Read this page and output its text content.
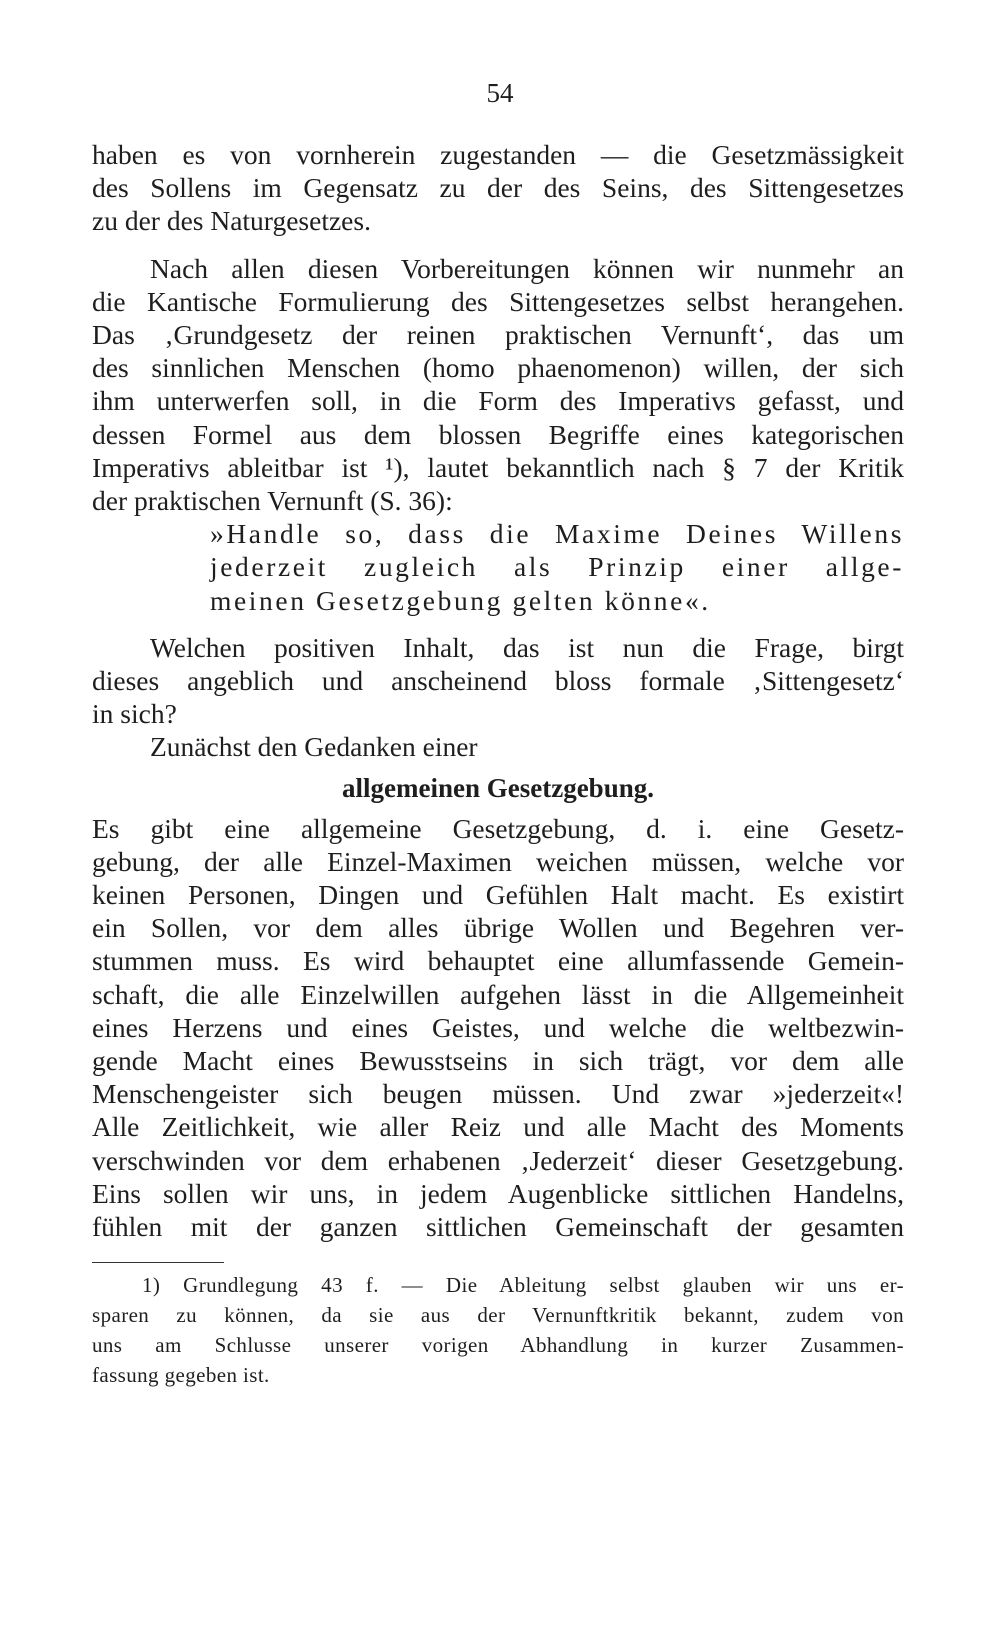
54
haben es von vornherein zugestanden — die Gesetzmässigkeit
des Sollens im Gegensatz zu der des Seins, des Sittengesetzes
zu der des Naturgesetzes.
Nach allen diesen Vorbereitungen können wir nunmehr an
die Kantische Formulierung des Sittengesetzes selbst herangehen.
Das ‚Grundgesetz der reinen praktischen Vernunft‘, das um
des sinnlichen Menschen (homo phaenomenon) willen, der sich
ihm unterwerfen soll, in die Form des Imperativs gefasst, und
dessen Formel aus dem blossen Begriffe eines kategorischen
Imperativs ableitbar ist ¹), lautet bekanntlich nach § 7 der Kritik
der praktischen Vernunft (S. 36):
»Handle so, dass die Maxime Deines Willens
jederzeit zugleich als Prinzip einer allge-
meinen Gesetzgebung gelten könne«.
Welchen positiven Inhalt, das ist nun die Frage, birgt
dieses angeblich und anscheinend bloss formale ‚Sittengesetz‘
in sich?
Zunächst den Gedanken einer
allgemeinen Gesetzgebung.
Es gibt eine allgemeine Gesetzgebung, d. i. eine Gesetz-
gebung, der alle Einzel-Maximen weichen müssen, welche vor
keinen Personen, Dingen und Gefühlen Halt macht. Es existirt
ein Sollen, vor dem alles übrige Wollen und Begehren ver-
stummen muss. Es wird behauptet eine allumfassende Gemein-
schaft, die alle Einzelwillen aufgehen lässt in die Allgemeinheit
eines Herzens und eines Geistes, und welche die weltbezwin-
gende Macht eines Bewusstseins in sich trägt, vor dem alle
Menschengeister sich beugen müssen. Und zwar »jederzeit«!
Alle Zeitlichkeit, wie aller Reiz und alle Macht des Moments
verschwinden vor dem erhabenen ‚Jederzeit‘ dieser Gesetzgebung.
Eins sollen wir uns, in jedem Augenblicke sittlichen Handelns,
fühlen mit der ganzen sittlichen Gemeinschaft der gesamten
1) Grundlegung 43 f. — Die Ableitung selbst glauben wir uns er-
sparen zu können, da sie aus der Vernunftkritik bekannt, zudem von
uns am Schlusse unserer vorigen Abhandlung in kurzer Zusammen-
fassung gegeben ist.
